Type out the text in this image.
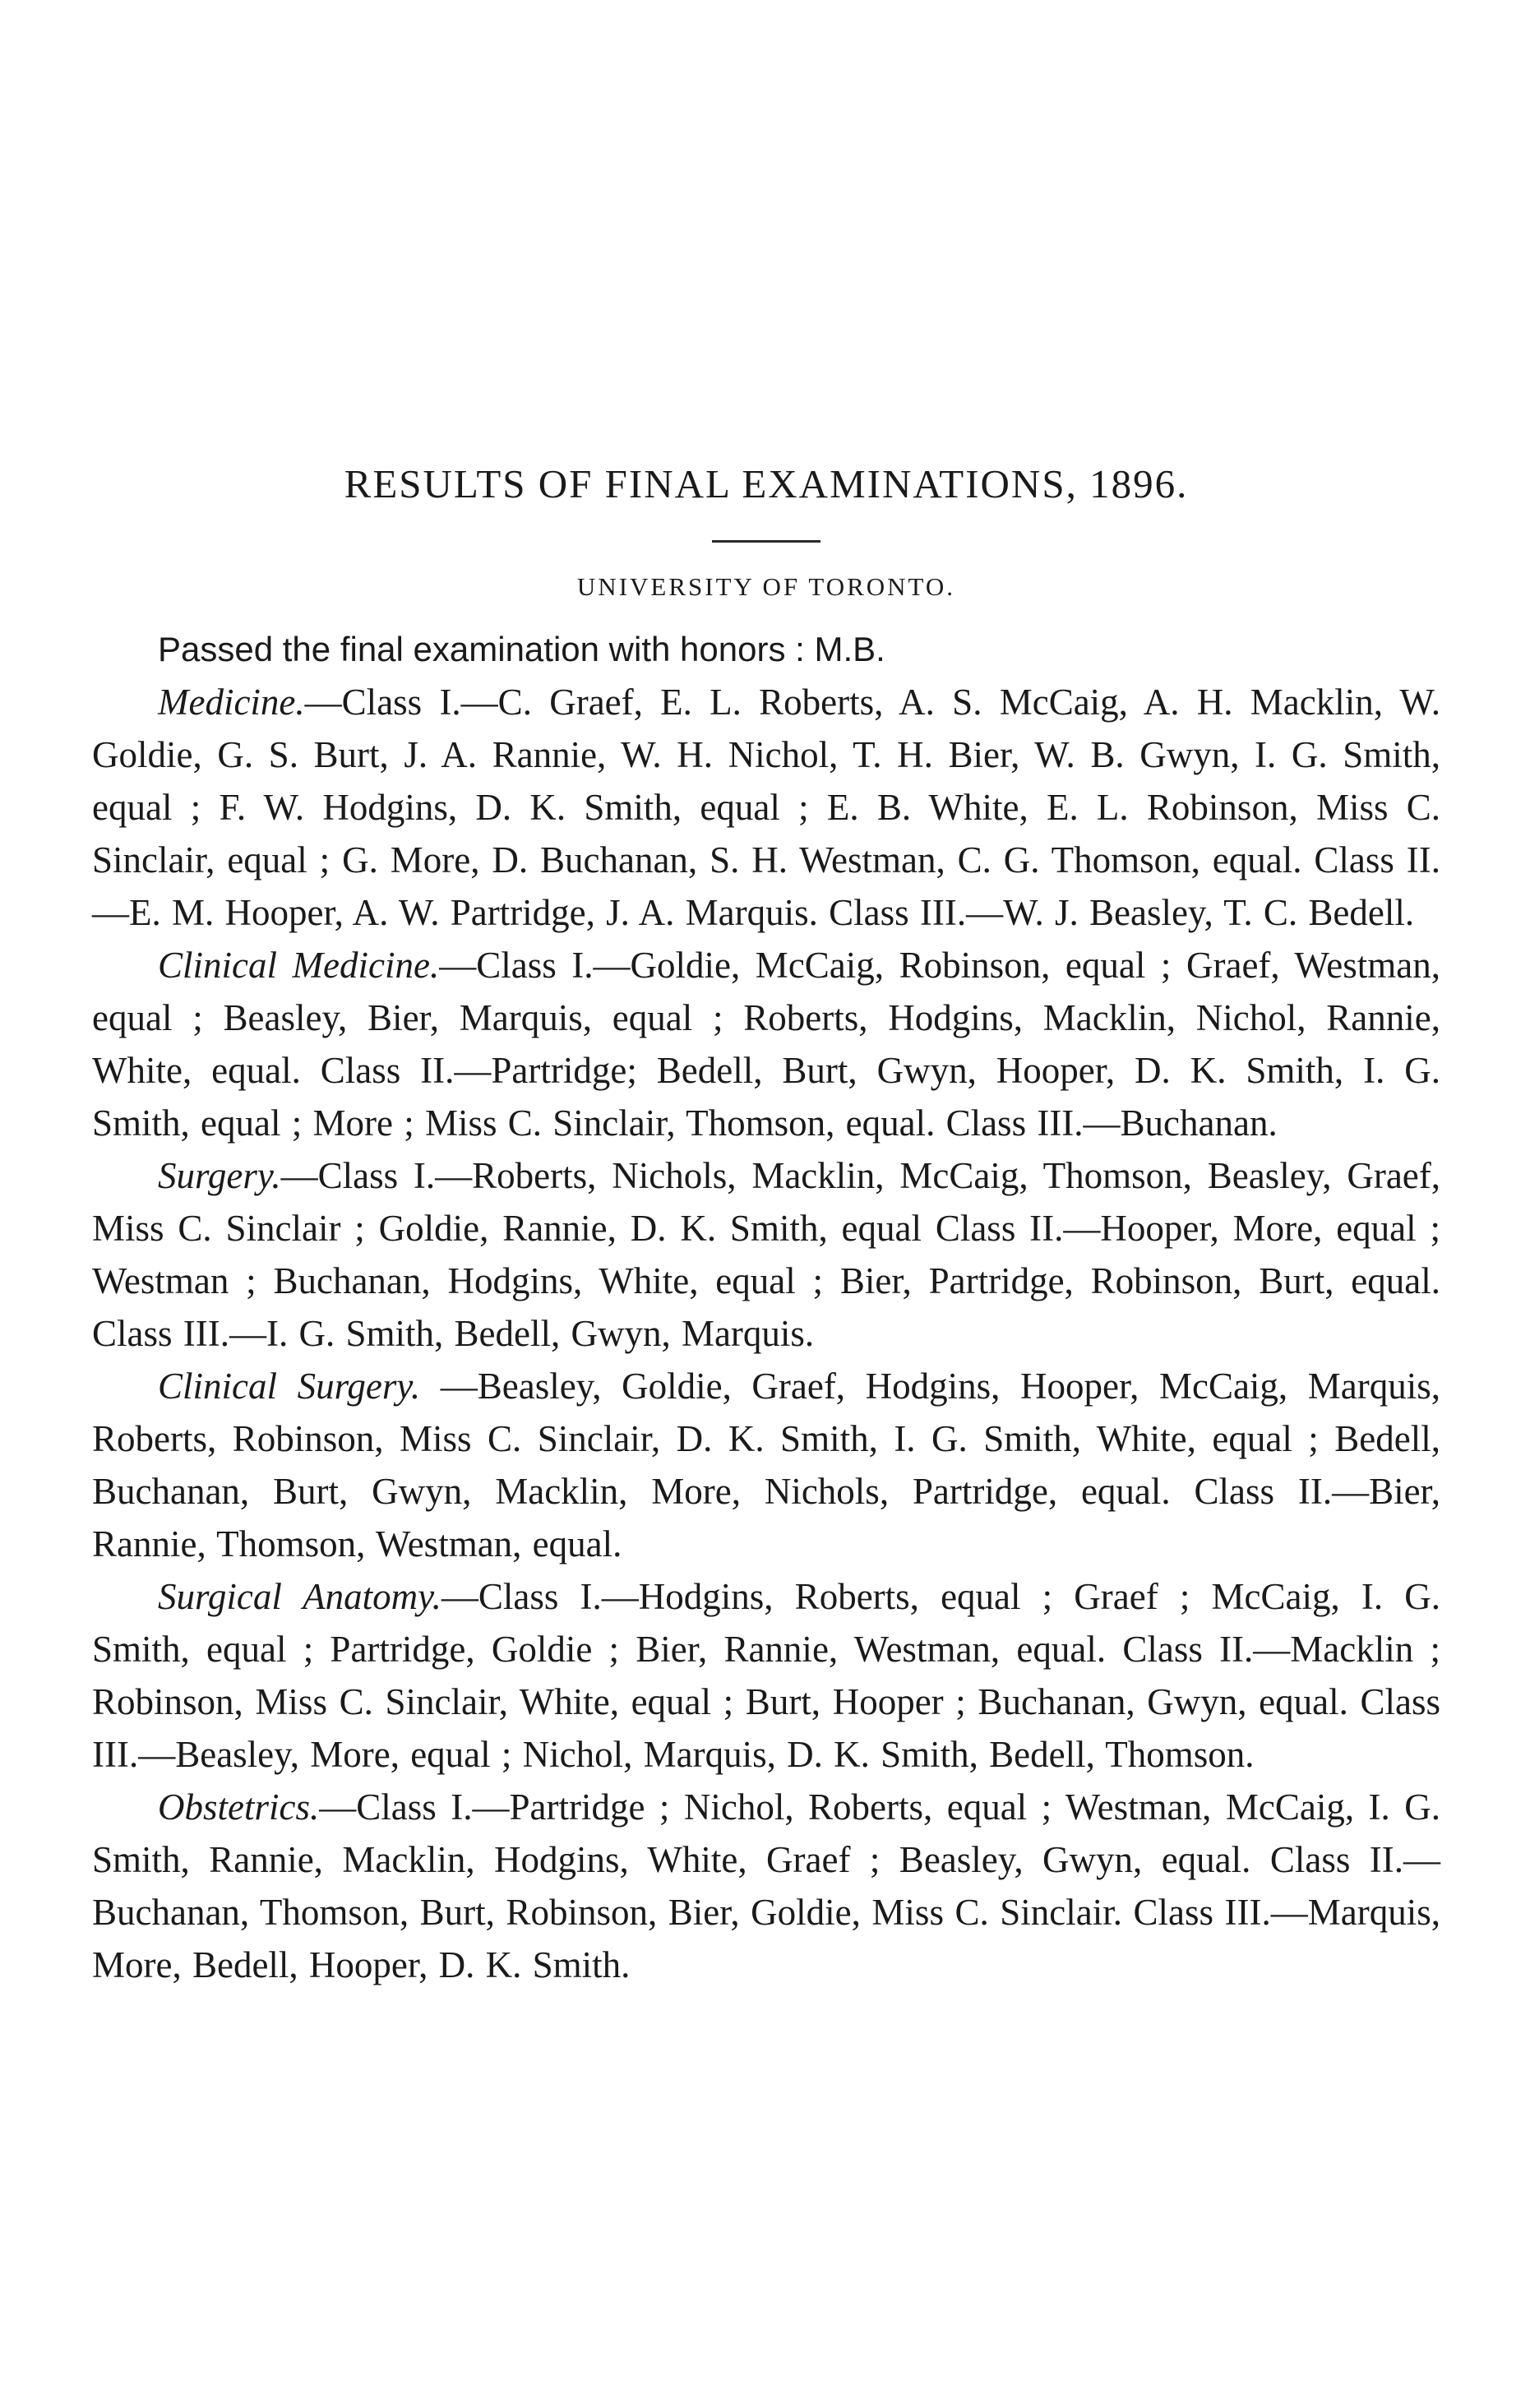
RESULTS OF FINAL EXAMINATIONS, 1896.

UNIVERSITY OF TORONTO.

Passed the final examination with honors : M.B.

Medicine.—Class I.—C. Graef, E. L. Roberts, A. S. McCaig, A. H. Macklin, W. Goldie, G. S. Burt, J. A. Rannie, W. H. Nichol, T. H. Bier, W. B. Gwyn, I. G. Smith, equal ; F. W. Hodgins, D. K. Smith, equal ; E. B. White, E. L. Robinson, Miss C. Sinclair, equal ; G. More, D. Buchanan, S. H. Westman, C. G. Thomson, equal. Class II.—E. M. Hooper, A. W. Partridge, J. A. Marquis. Class III.—W. J. Beasley, T. C. Bedell.

Clinical Medicine.—Class I.—Goldie, McCaig, Robinson, equal ; Graef, Westman, equal ; Beasley, Bier, Marquis, equal ; Roberts, Hodgins, Macklin, Nichol, Rannie, White, equal. Class II.—Partridge; Bedell, Burt, Gwyn, Hooper, D. K. Smith, I. G. Smith, equal ; More ; Miss C. Sinclair, Thomson, equal. Class III.—Buchanan.

Surgery.—Class I.—Roberts, Nichols, Macklin, McCaig, Thomson, Beasley, Graef, Miss C. Sinclair ; Goldie, Rannie, D. K. Smith, equal Class II.—Hooper, More, equal ; Westman ; Buchanan, Hodgins, White, equal ; Bier, Partridge, Robinson, Burt, equal. Class III.—I. G. Smith, Bedell, Gwyn, Marquis.

Clinical Surgery. —Beasley, Goldie, Graef, Hodgins, Hooper, McCaig, Marquis, Roberts, Robinson, Miss C. Sinclair, D. K. Smith, I. G. Smith, White, equal ; Bedell, Buchanan, Burt, Gwyn, Macklin, More, Nichols, Partridge, equal. Class II.—Bier, Rannie, Thomson, Westman, equal.

Surgical Anatomy.—Class I.—Hodgins, Roberts, equal ; Graef ; McCaig, I. G. Smith, equal ; Partridge, Goldie ; Bier, Rannie, Westman, equal. Class II.—Macklin ; Robinson, Miss C. Sinclair, White, equal ; Burt, Hooper ; Buchanan, Gwyn, equal. Class III.—Beasley, More, equal ; Nichol, Marquis, D. K. Smith, Bedell, Thomson.

Obstetrics.—Class I.—Partridge ; Nichol, Roberts, equal ; Westman, McCaig, I. G. Smith, Rannie, Macklin, Hodgins, White, Graef ; Beasley, Gwyn, equal. Class II.—Buchanan, Thomson, Burt, Robinson, Bier, Goldie, Miss C. Sinclair. Class III.—Marquis, More, Bedell, Hooper, D. K. Smith.
